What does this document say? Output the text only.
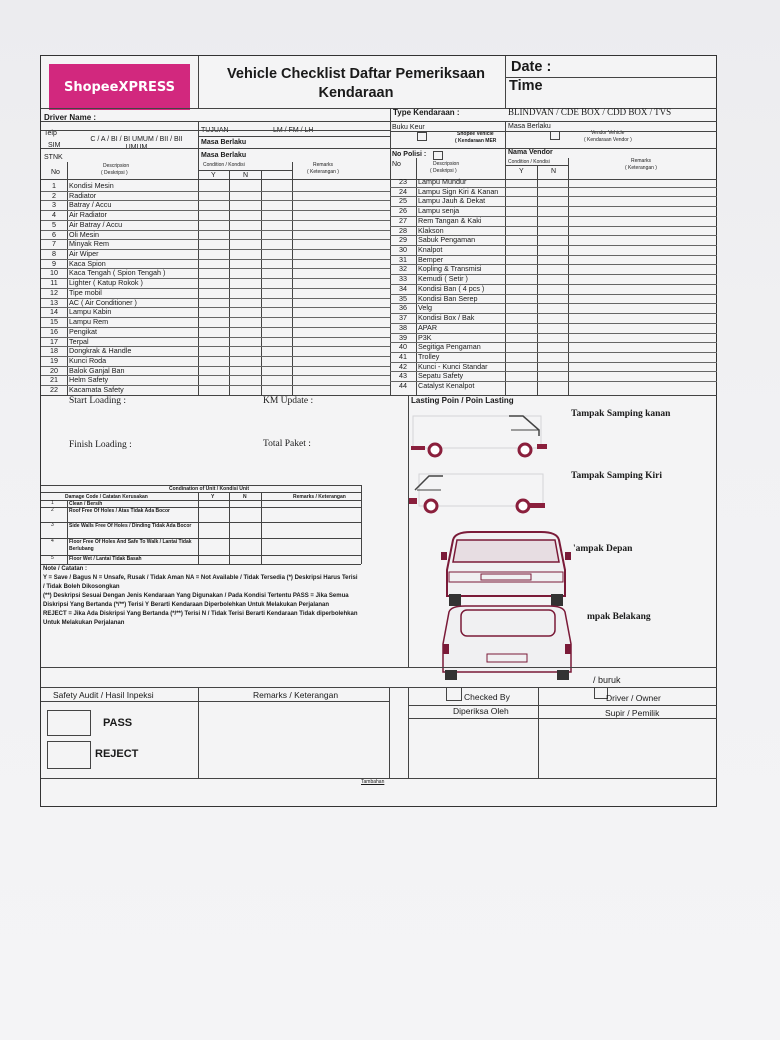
ShopeeXPRESS
Vehicle Checklist Daftar Pemeriksaan Kendaraan
Date :
Time
Driver Name :
Type Kendaraan :	BLINDVAN / CDE BOX / CDD BOX / TVS
Telp
SIM
C / A / BI / BI UMUM / BII / BII UMUM
TUJUAN	LM / FM / LH
Masa Berlaku
Buku Keur
Shopee Vehicle
( Kendaraan MER
Masa Berlaku
Vendor Vehicle
( Kendaraan Vendor )
STNK	Masa Berlaku	No Polisi :	Nama Vendor
No
Descripsion
( Deskripsi )
Condition / Kondisi
Y	N
Remarks
( Keterangan )
No	Descripsion
( Deskripsi )
Condition / Kondisi
Y	N
Remarks
( Keterangan )
1	Kondisi Mesin
2	Radiator
3	Batray / Accu
4	Air Radiator
5	Air Batray / Accu
6	Oli Mesin
7	Minyak Rem
8	Air Wiper
9	Kaca Spion
10	Kaca Tengah ( Spion Tengah )
11	Lighter ( Katup Rokok )
12	Tipe mobil
13	AC ( Air Conditioner )
14	Lampu Kabin
15	Lampu Rem
16	Pengikat
17	Terpal
18	Dongkrak & Handle
19	Kunci Roda
20	Balok Ganjal Ban
21	Helm Safety
22	Kacamata Safety
23	Lampu Mundur
24	Lampu Sign Kiri & Kanan
25	Lampu Jauh & Dekat
26	Lampu senja
27	Rem Tangan & Kaki
28	Klakson
29	Sabuk Pengaman
30	Knalpot
31	Bemper
32	Kopling & Transmisi
33	Kemudi ( Setir )
34	Kondisi Ban ( 4 pcs )
35	Kondisi Ban Serep
36	Velg
37	Kondisi Box / Bak
38	APAR
39	P3K
40	Segitiga Pengaman
41	Trolley
42	Kunci - Kunci Standar
43	Sepatu Safety
44	Catalyst Kenalpot
Start Loading :	KM Update :
Finish Loading :	Total Paket :
Condination of Unit / Kondisi Unit
Damage Code / Catatan Kerusakan	Y	N	Remarks / Keterangan
1	Clean / Bersih
2	Roof Free Of Holes / Atas Tidak Ada Bocor
3	Side Walls Free Of Holes / Dinding Tidak Ada Bocor
4	Floor Free Of Holes And Safe To Walk / Lantai Tidak Berlubang
5	Floor Wet / Lantai Tidak Basah
Note / Catatan :
Y = Save / Bagus N = Unsafe, Rusak / Tidak Aman NA = Not Available / Tidak Tersedia (*) Deskripsi Harus Terisi
/ Tidak Boleh Dikosongkan
(**) Deskripsi Sesuai Dengan Jenis Kendaraan Yang Digunakan / Pada Kondisi Tertentu PASS = Jika Semua
Diskripsi Yang Bertanda (*/**) Terisi Y Berarti Kendaraan Diperbolehkan Untuk Melakukan Perjalanan
REJECT = Jika Ada Diskripsi Yang Bertanda (*/**) Terisi N / Tidak Terisi Berarti Kendaraan Tidak diperbolehkan
Untuk Melakukan Perjalanan
Lasting Poin / Poin Lasting
Tampak Samping kanan
Tampak Samping Kiri
'ampak Depan
mpak Belakang
/ buruk
Safety Audit / Hasil Inpeksi	Remarks / Keterangan	Checked By
Diperiksa Oleh
Driver / Owner
Supir / Pemilik
PASS
REJECT
Tambahan
